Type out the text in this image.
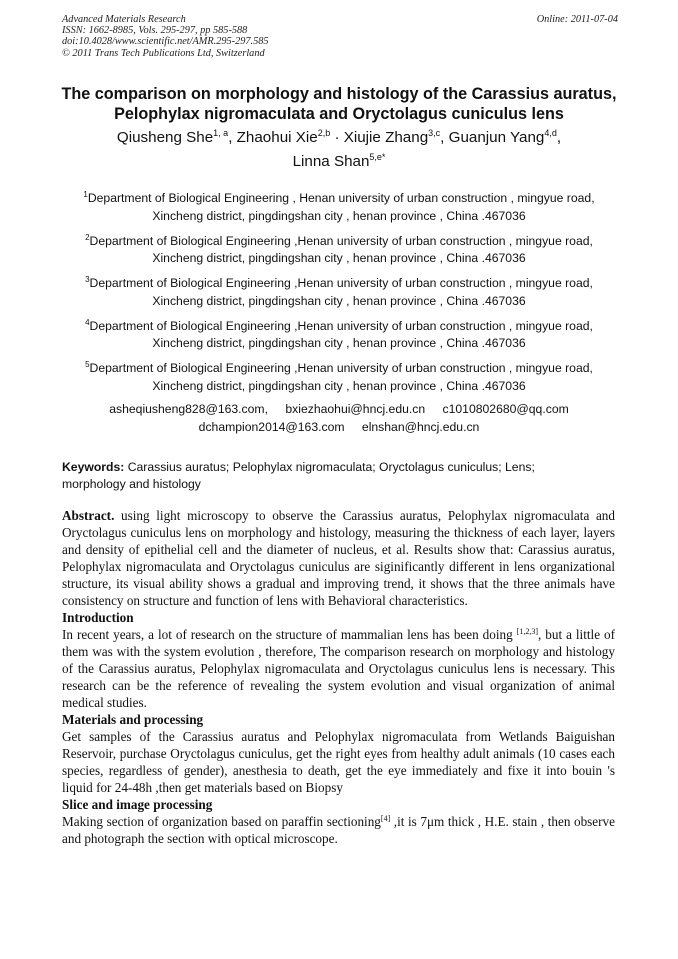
Advanced Materials Research
ISSN: 1662-8985, Vols. 295-297, pp 585-588
doi:10.4028/www.scientific.net/AMR.295-297.585
© 2011 Trans Tech Publications Ltd, Switzerland
Online: 2011-07-04
The comparison on morphology and histology of the Carassius auratus,
Pelophylax nigromaculata and Oryctolagus cuniculus lens
Qiusheng She$^{1, a}$, Zhaohui Xie$^{2,b}$ · Xiujie Zhang$^{3,c}$, Guanjun Yang$^{4,d}$,
Linna Shan$^{5,e*}$
$^1$Department of Biological Engineering , Henan university of urban construction , mingyue road,
Xincheng district, pingdingshan city , henan province , China .467036
$^2$Department of Biological Engineering ,Henan university of urban construction , mingyue road,
Xincheng district, pingdingshan city , henan province , China .467036
$^3$Department of Biological Engineering ,Henan university of urban construction , mingyue road,
Xincheng district, pingdingshan city , henan province , China .467036
$^4$Department of Biological Engineering ,Henan university of urban construction , mingyue road,
Xincheng district, pingdingshan city , henan province , China .467036
$^5$Department of Biological Engineering ,Henan university of urban construction , mingyue road,
Xincheng district, pingdingshan city , henan province , China .467036
asheqiusheng828@163.com, bxiezhaohui@hncj.edu.cn c1010802680@qq.com
dchampion2014@163.com elnshan@hncj.edu.cn
Keywords: Carassius auratus; Pelophylax nigromaculata; Oryctolagus cuniculus; Lens; morphology and histology

Abstract. using light microscopy to observe the Carassius auratus, Pelophylax nigromaculata and Oryctolagus cuniculus lens on morphology and histology, measuring the thickness of each layer, layers and density of epithelial cell and the diameter of nucleus, et al. Results show that: Carassius auratus, Pelophylax nigromaculata and Oryctolagus cuniculus are siginificantly different in lens organizational structure, its visual ability shows a gradual and improving trend, it shows that the three animals have consistency on structure and function of lens with Behavioral characteristics.

Introduction

In recent years, a lot of research on the structure of mammalian lens has been doing [1,2,3], but a little of them was with the system evolution , therefore, The comparison research on morphology and histology of the Carassius auratus, Pelophylax nigromaculata and Oryctolagus cuniculus lens is necessary. This research can be the reference of revealing the system evolution and visual organization of animal medical studies.

Materials and processing

Get samples of the Carassius auratus and Pelophylax nigromaculata from Wetlands Baiguishan Reservoir, purchase Oryctolagus cuniculus, get the right eyes from healthy adult animals (10 cases each species, regardless of gender), anesthesia to death, get the eye immediately and fixe it into bouin 's liquid for 24-48h ,then get materials based on Biopsy

Slice and image processing

Making section of organization based on paraffin sectioning[4] ,it is 7μm thick , H.E. stain , then observe and photograph the section with optical microscope.
